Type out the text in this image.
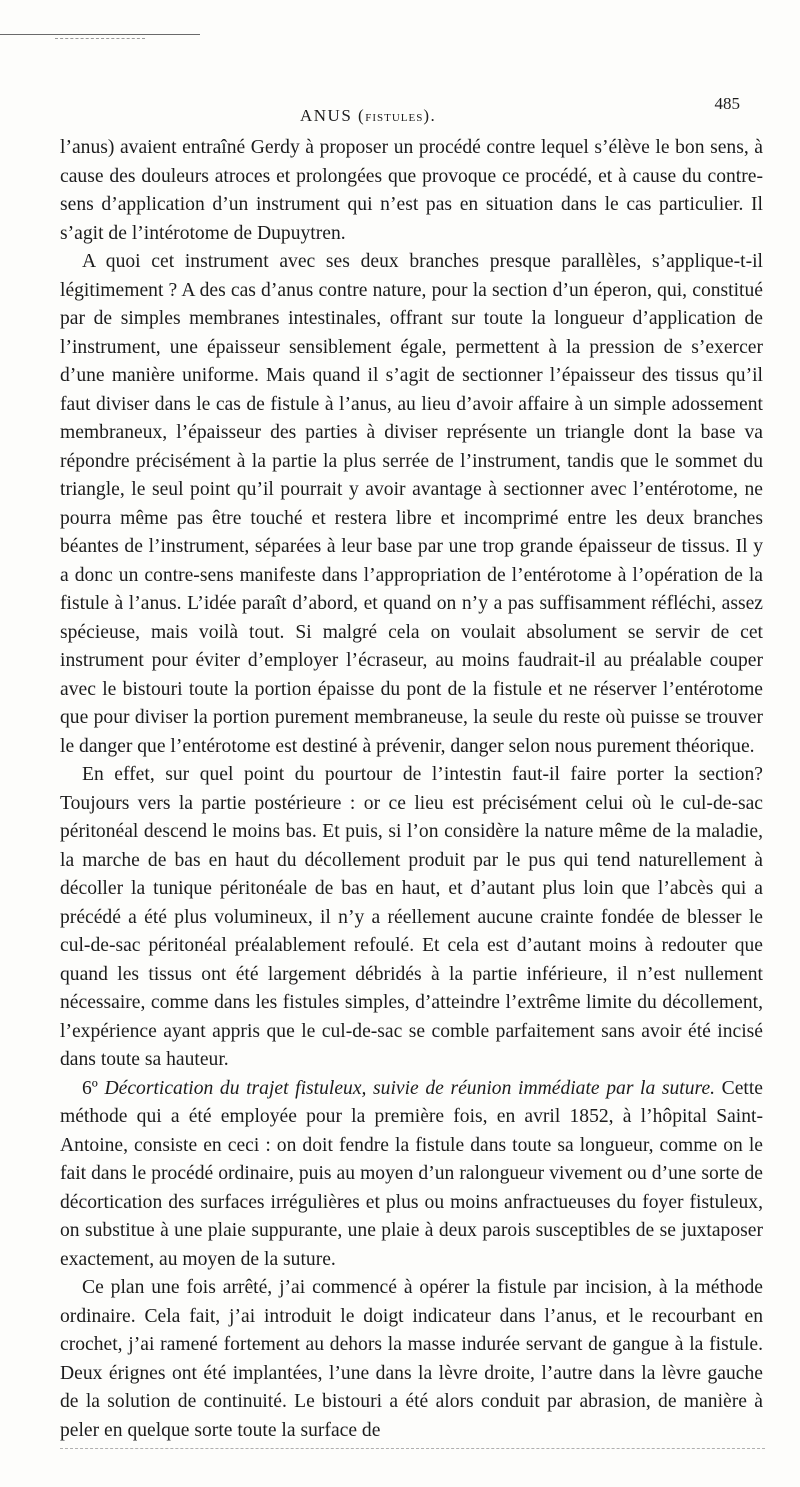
ANUS (FISTULES).
485

l’anus) avaient entraîné Gerdy à proposer un procédé contre lequel s’élève le bon sens, à cause des douleurs atroces et prolongées que provoque ce procédé, et à cause du contre-sens d’application d’un instrument qui n’est pas en situation dans le cas particulier. Il s’agit de l’intérotome de Dupuytren.

A quoi cet instrument avec ses deux branches presque parallèles, s’applique-t-il légitimement ? A des cas d’anus contre nature, pour la section d’un éperon, qui, constitué par de simples membranes intestinales, offrant sur toute la longueur d’application de l’instrument, une épaisseur sensiblement égale, permettent à la pression de s’exercer d’une manière uniforme. Mais quand il s’agit de sectionner l’épaisseur des tissus qu’il faut diviser dans le cas de fistule à l’anus, au lieu d’avoir affaire à un simple adossement membraneux, l’épaisseur des parties à diviser représente un triangle dont la base va répondre précisément à la partie la plus serrée de l’instrument, tandis que le sommet du triangle, le seul point qu’il pourrait y avoir avantage à sectionner avec l’entérotome, ne pourra même pas être touché et restera libre et incomprimé entre les deux branches béantes de l’instrument, séparées à leur base par une trop grande épaisseur de tissus. Il y a donc un contre-sens manifeste dans l’appropriation de l’entérotome à l’opération de la fistule à l’anus. L’idée paraît d’abord, et quand on n’y a pas suffisamment réfléchi, assez spécieuse, mais voilà tout. Si malgré cela on voulait absolument se servir de cet instrument pour éviter d’employer l’écraseur, au moins faudrait-il au préalable couper avec le bistouri toute la portion épaisse du pont de la fistule et ne réserver l’entérotome que pour diviser la portion purement membraneuse, la seule du reste où puisse se trouver le danger que l’entérotome est destiné à prévenir, danger selon nous purement théorique.

En effet, sur quel point du pourtour de l’intestin faut-il faire porter la section? Toujours vers la partie postérieure : or ce lieu est précisément celui où le cul-de-sac péritonéal descend le moins bas. Et puis, si l’on considère la nature même de la maladie, la marche de bas en haut du décollement produit par le pus qui tend naturellement à décoller la tunique péritonéale de bas en haut, et d’autant plus loin que l’abcès qui a précédé a été plus volumineux, il n’y a réellement aucune crainte fondée de blesser le cul-de-sac péritonéal préalablement refoulé. Et cela est d’autant moins à redouter que quand les tissus ont été largement débridés à la partie inférieure, il n’est nullement nécessaire, comme dans les fistules simples, d’atteindre l’extrême limite du décollement, l’expérience ayant appris que le cul-de-sac se comble parfaitement sans avoir été incisé dans toute sa hauteur.

6º Décortication du trajet fistuleux, suivie de réunion immédiate par la suture. Cette méthode qui a été employée pour la première fois, en avril 1852, à l’hôpital Saint-Antoine, consiste en ceci : on doit fendre la fistule dans toute sa longueur, comme on le fait dans le procédé ordinaire, puis au moyen d’un ralongueur vivement ou d’une sorte de décortication des surfaces irrégulières et plus ou moins anfractueuses du foyer fistuleux, on substitue à une plaie suppurante, une plaie à deux parois susceptibles de se juxtaposer exactement, au moyen de la suture.

Ce plan une fois arrêté, j’ai commencé à opérer la fistule par incision, à la méthode ordinaire. Cela fait, j’ai introduit le doigt indicateur dans l’anus, et le recourbant en crochet, j’ai ramené fortement au dehors la masse indurée servant de gangue à la fistule. Deux érignes ont été implantées, l’une dans la lèvre droite, l’autre dans la lèvre gauche de la solution de continuité. Le bistouri a été alors conduit par abrasion, de manière à peler en quelque sorte toute la surface de
